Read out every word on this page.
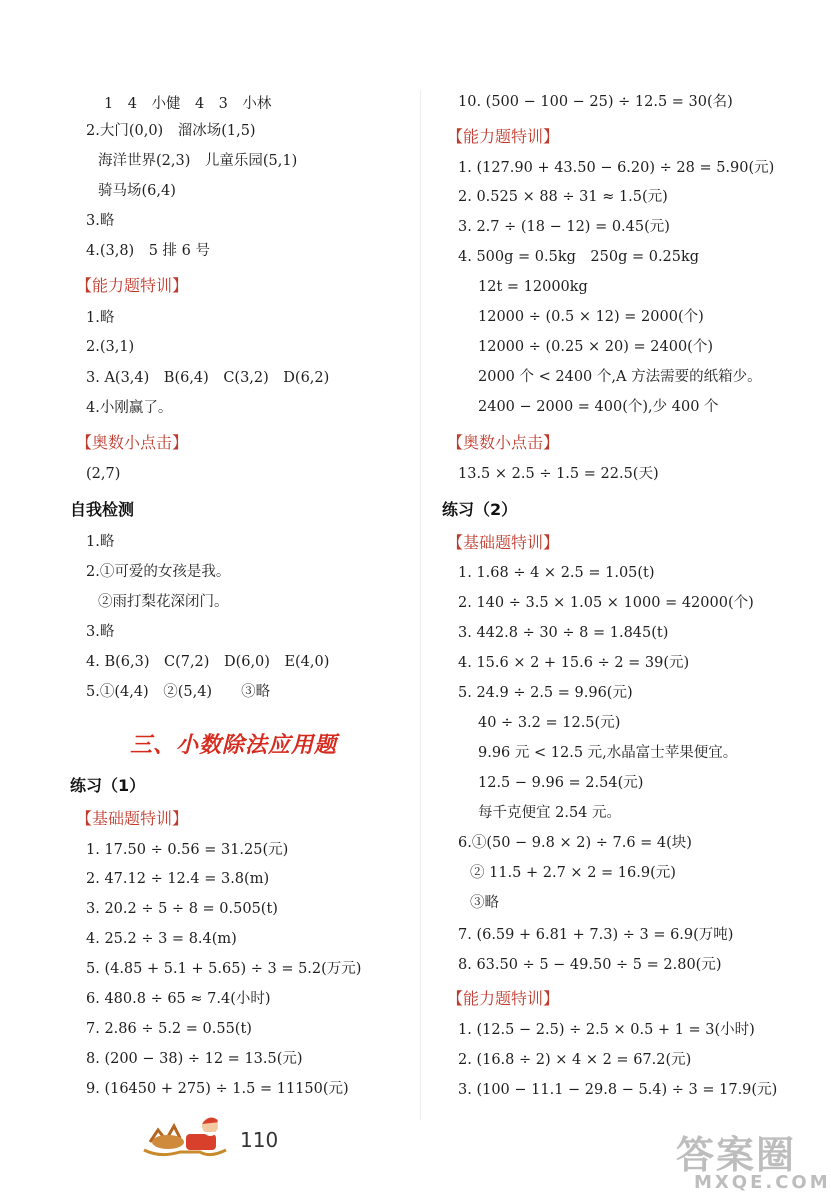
1　4　小健　4　3　小林
2.大门(0,0)　溜冰场(1,5)
海洋世界(2,3)　儿童乐园(5,1)
骑马场(6,4)
3.略
4.(3,8)　5 排 6 号
【能力题特训】
1.略
2.(3,1)
3. A(3,4)　B(6,4)　C(3,2)　D(6,2)
4.小刚赢了。
【奥数小点击】
(2,7)
自我检测
1.略
2.①可爱的女孩是我。
②雨打梨花深闭门。
3.略
4. B(6,3)　C(7,2)　D(6,0)　E(4,0)
5.①(4,4)　②(5,4)　　③略
三、小数除法应用题
练习（1）
【基础题特训】
1. 17.50 ÷ 0.56 = 31.25(元)
2. 47.12 ÷ 12.4 = 3.8(m)
3. 20.2 ÷ 5 ÷ 8 = 0.505(t)
4. 25.2 ÷ 3 = 8.4(m)
5. (4.85 + 5.1 + 5.65) ÷ 3 = 5.2(万元)
6. 480.8 ÷ 65 ≈ 7.4(小时)
7. 2.86 ÷ 5.2 = 0.55(t)
8. (200 − 38) ÷ 12 = 13.5(元)
9. (16450 + 275) ÷ 1.5 = 11150(元)
10. (500 − 100 − 25) ÷ 12.5 = 30(名)
【能力题特训】
1. (127.90 + 43.50 − 6.20) ÷ 28 = 5.90(元)
2. 0.525 × 88 ÷ 31 ≈ 1.5(元)
3. 2.7 ÷ (18 − 12) = 0.45(元)
4. 500g = 0.5kg　250g = 0.25kg
12t = 12000kg
12000 ÷ (0.5 × 12) = 2000(个)
12000 ÷ (0.25 × 20) = 2400(个)
2000 个 < 2400 个,A 方法需要的纸箱少。
2400 − 2000 = 400(个),少 400 个
【奥数小点击】
13.5 × 2.5 ÷ 1.5 = 22.5(天)
练习（2）
【基础题特训】
1. 1.68 ÷ 4 × 2.5 = 1.05(t)
2. 140 ÷ 3.5 × 1.05 × 1000 = 42000(个)
3. 442.8 ÷ 30 ÷ 8 = 1.845(t)
4. 15.6 × 2 + 15.6 ÷ 2 = 39(元)
5. 24.9 ÷ 2.5 = 9.96(元)
40 ÷ 3.2 = 12.5(元)
9.96 元 < 12.5 元,水晶富士苹果便宜。
12.5 − 9.96 = 2.54(元)
每千克便宜 2.54 元。
6.①(50 − 9.8 × 2) ÷ 7.6 = 4(块)
② 11.5 + 2.7 × 2 = 16.9(元)
③略
7. (6.59 + 6.81 + 7.3) ÷ 3 = 6.9(万吨)
8. 63.50 ÷ 5 − 49.50 ÷ 5 = 2.80(元)
【能力题特训】
1. (12.5 − 2.5) ÷ 2.5 × 0.5 + 1 = 3(小时)
2. (16.8 ÷ 2) × 4 × 2 = 67.2(元)
3. (100 − 11.1 − 29.8 − 5.4) ÷ 3 = 17.9(元)
110	答案圈
MXQE.COM
